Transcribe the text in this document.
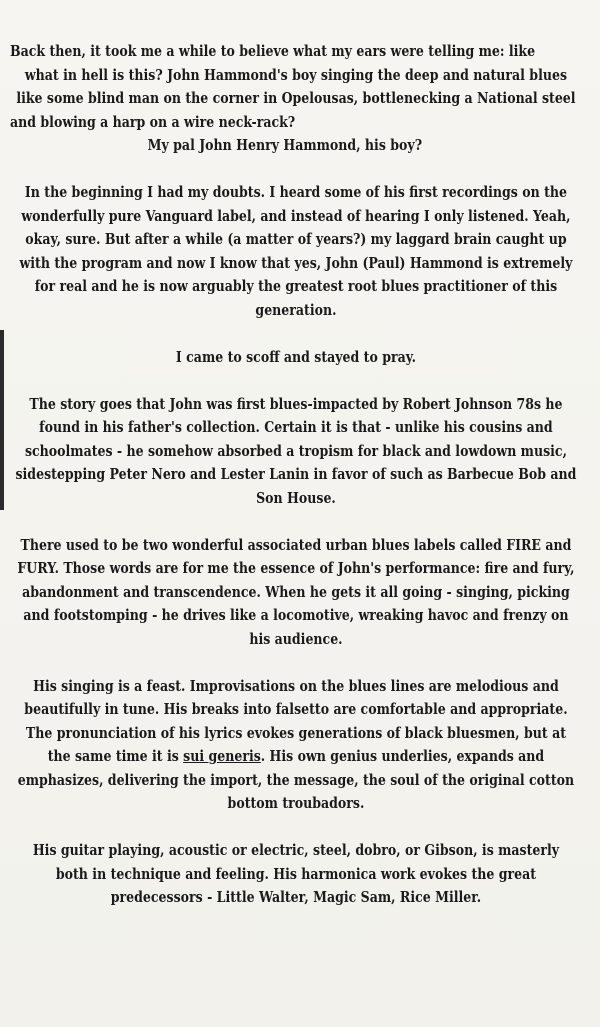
Back then, it took me a while to believe what my ears were telling me: like
what in hell is this? John Hammond's boy singing the deep and natural blues
like some blind man on the corner in Opelousas, bottlenecking a National steel
and blowing a harp on a wire neck-rack?
My pal John Henry Hammond, his boy?

In the beginning I had my doubts. I heard some of his first recordings on the
wonderfully pure Vanguard label, and instead of hearing I only listened. Yeah,
okay, sure. But after a while (a matter of years?) my laggard brain caught up
with the program and now I know that yes, John (Paul) Hammond is extremely
for real and he is now arguably the greatest root blues practitioner of this
generation.

I came to scoff and stayed to pray.

The story goes that John was first blues-impacted by Robert Johnson 78s he
found in his father's collection. Certain it is that - unlike his cousins and
schoolmates - he somehow absorbed a tropism for black and lowdown music,
sidestepping Peter Nero and Lester Lanin in favor of such as Barbecue Bob and
Son House.

There used to be two wonderful associated urban blues labels called FIRE and
FURY. Those words are for me the essence of John's performance: fire and fury,
abandonment and transcendence. When he gets it all going - singing, picking
and footstomping - he drives like a locomotive, wreaking havoc and frenzy on
his audience.

His singing is a feast. Improvisations on the blues lines are melodious and
beautifully in tune. His breaks into falsetto are comfortable and appropriate.
The pronunciation of his lyrics evokes generations of black bluesmen, but at
the same time it is sui generis. His own genius underlies, expands and
emphasizes, delivering the import, the message, the soul of the original cotton
bottom troubadors.

His guitar playing, acoustic or electric, steel, dobro, or Gibson, is masterly
both in technique and feeling. His harmonica work evokes the great
predecessors - Little Walter, Magic Sam, Rice Miller.
